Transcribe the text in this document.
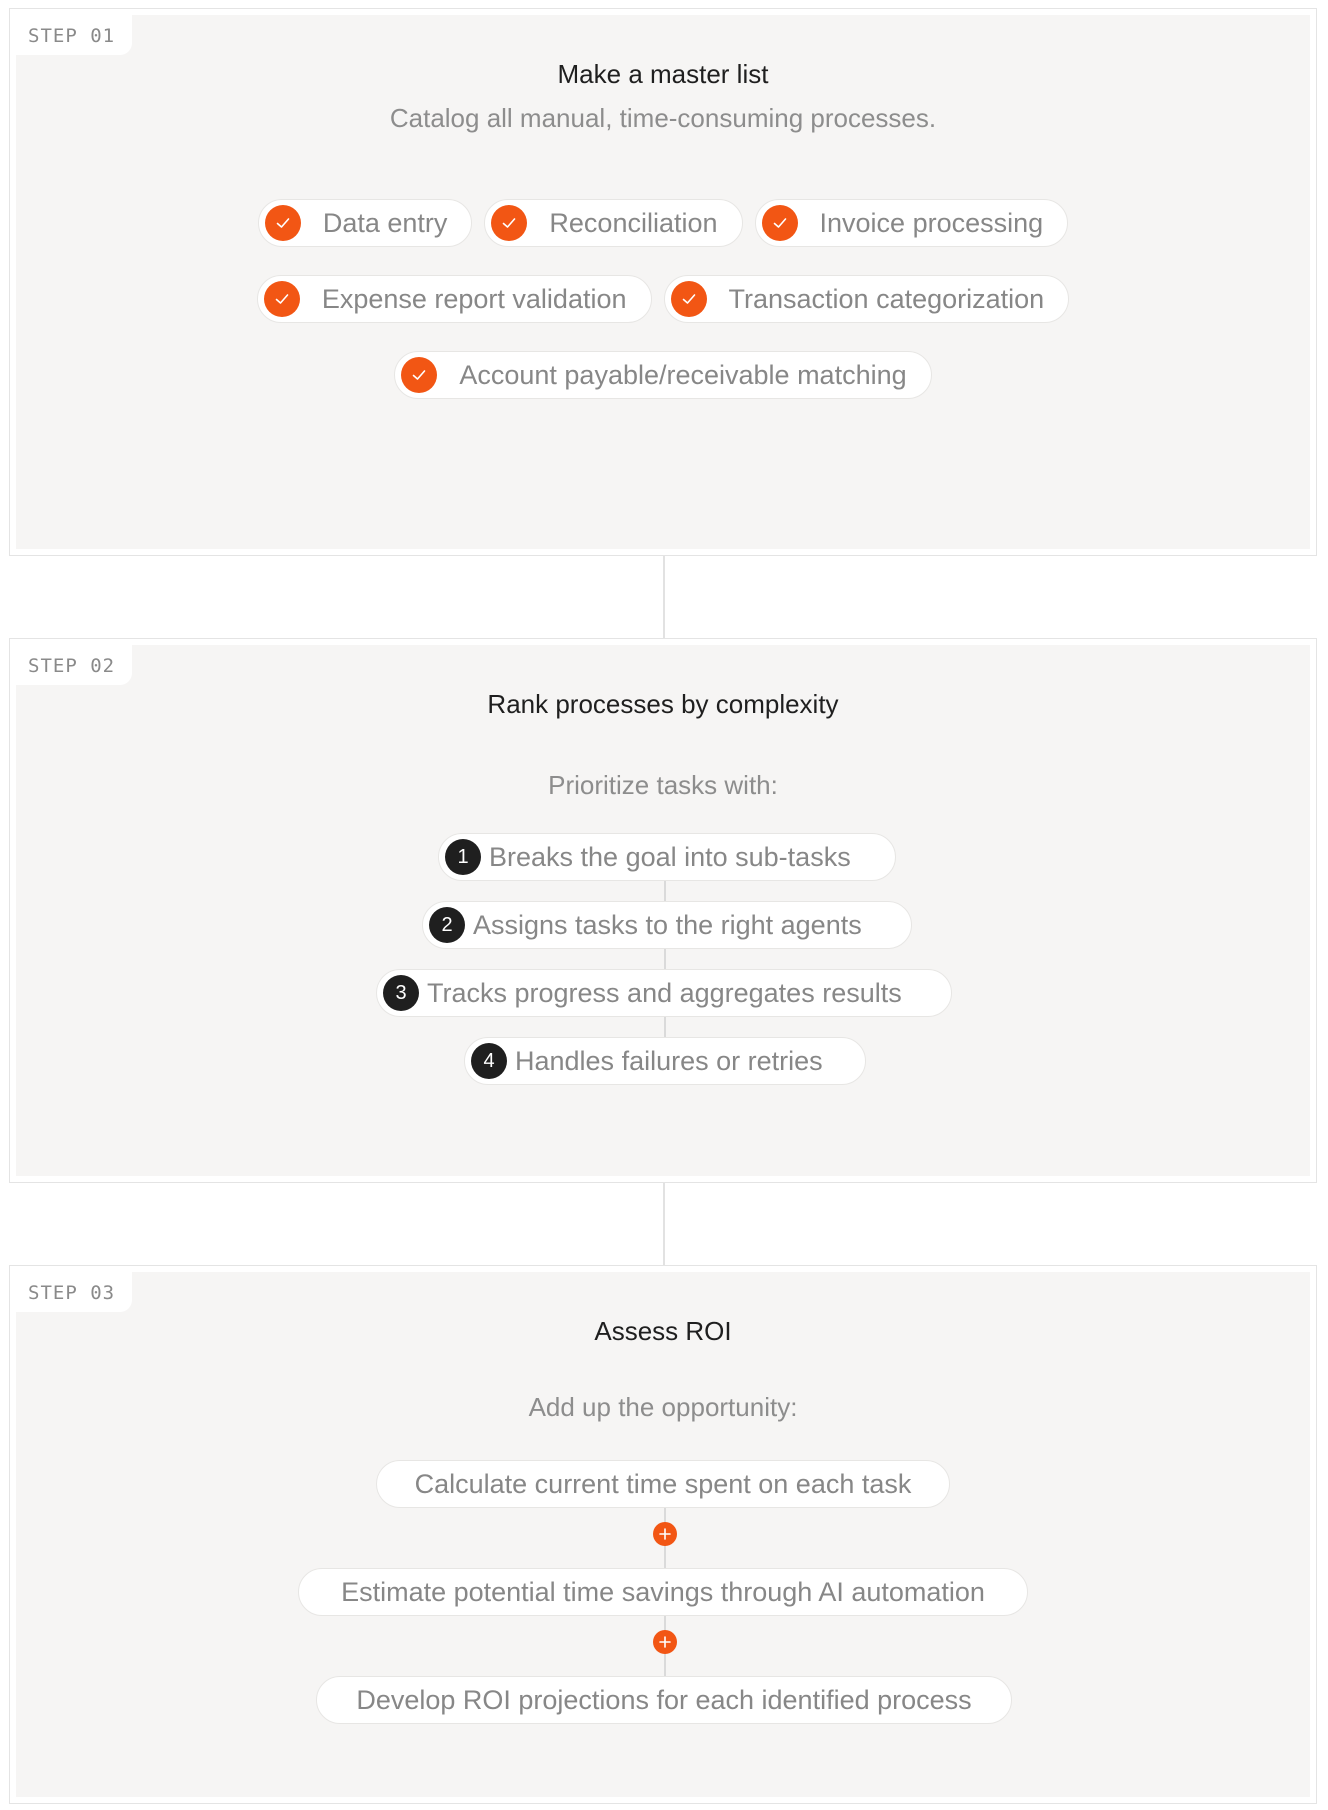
STEP 01
Make a master list
Catalog all manual, time-consuming processes.
Data entry	Reconciliation	Invoice processing
Expense report validation	Transaction categorization
Account payable/receivable matching
STEP 02
Rank processes by complexity
Prioritize tasks with:
1 Breaks the goal into sub-tasks
2 Assigns tasks to the right agents
3 Tracks progress and aggregates results
4 Handles failures or retries
STEP 03
Assess ROI
Add up the opportunity:
Calculate current time spent on each task
Estimate potential time savings through AI automation
Develop ROI projections for each identified process
